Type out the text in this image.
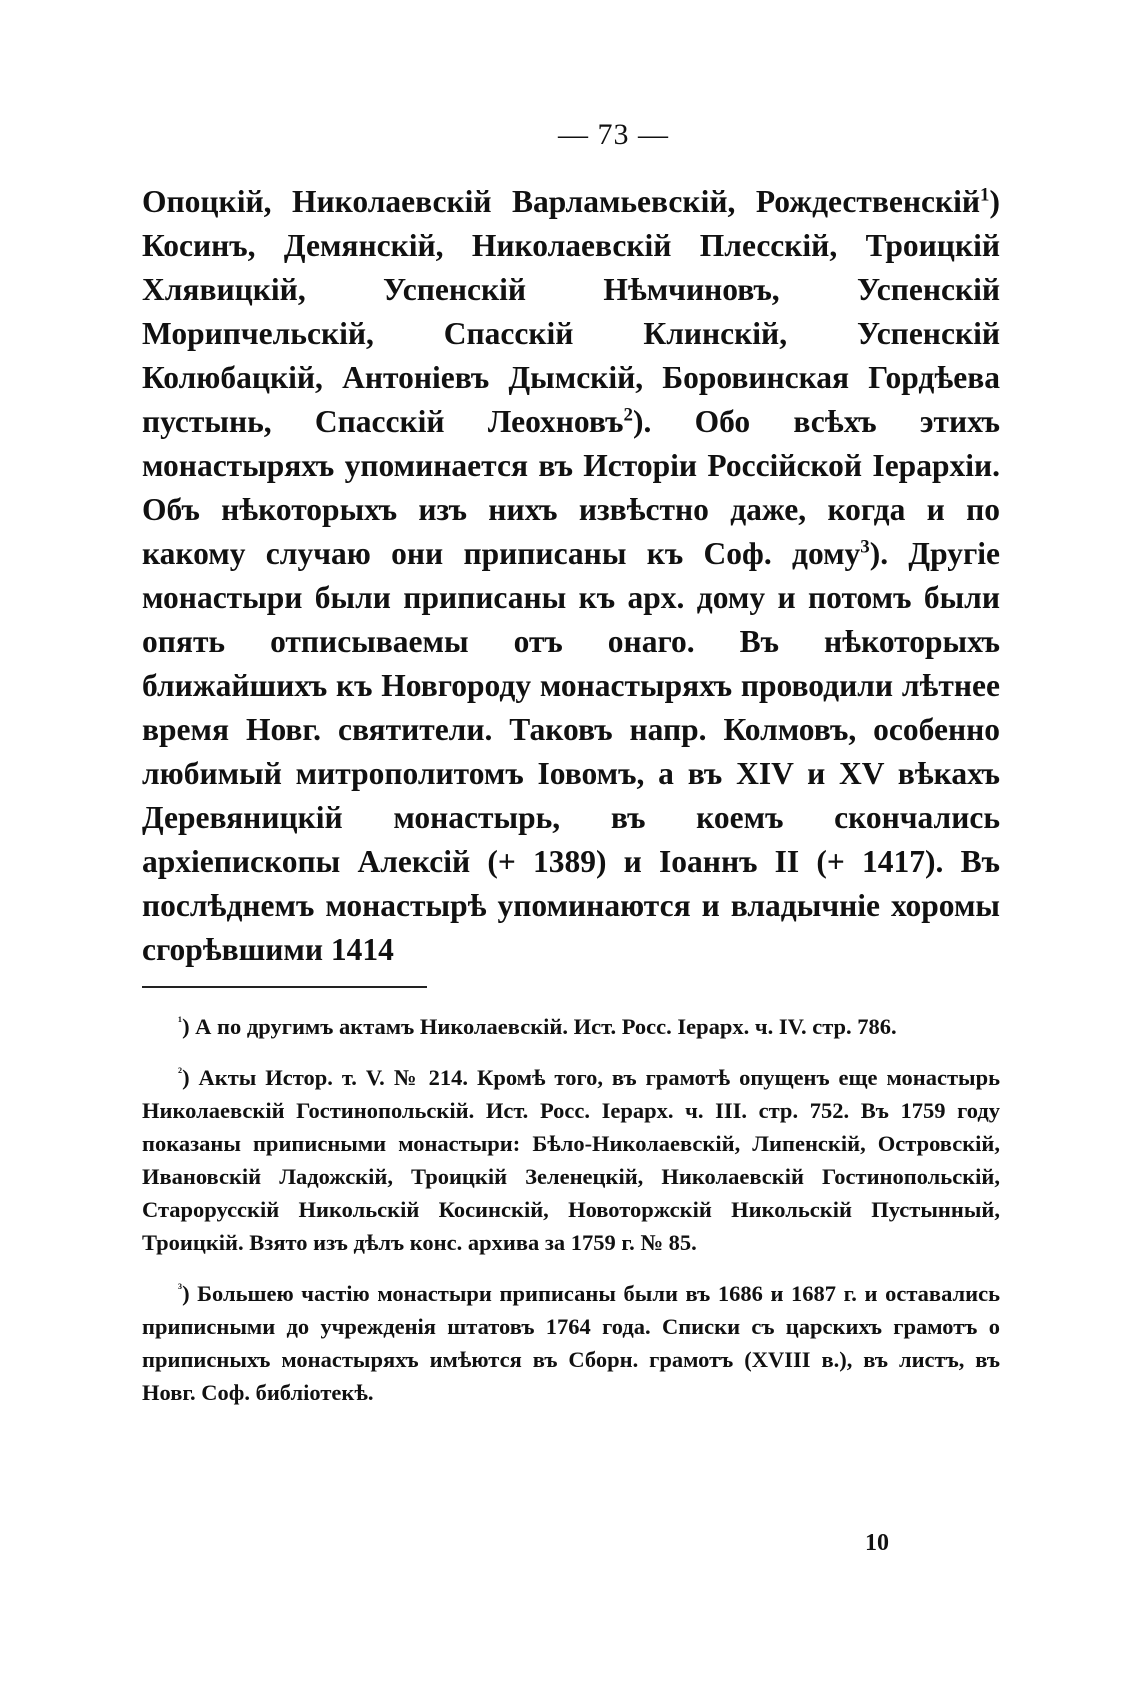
— 73 —
Опоцкій, Николаевскій Варламьевскій, Рождественскій$^1$) Косинъ, Демянскій, Николаевскій Плесскій, Троицкій Хлявицкій, Успенскій Нѣмчиновъ, Успенскій Морипчельскій, Спасскій Клинскій, Успенскій Колюбацкій, Антоніевъ Дымскій, Боровинская Гордѣева пустынь, Спасскій Леохновъ$^2$). Обо всѣхъ этихъ монастыряхъ упоминается въ Исторіи Россійской Іерархіи. Объ нѣкоторыхъ изъ нихъ извѣстно даже, когда и по какому случаю они приписаны къ Соф. дому$^3$). Другіе монастыри были приписаны къ арх. дому и потомъ были опять отписываемы отъ онаго. Въ нѣкоторыхъ ближайшихъ къ Новгороду монастыряхъ проводили лѣтнее время Новг. святители. Таковъ напр. Колмовъ, особенно любимый митрополитомъ Іовомъ, а въ XIV и XV вѣкахъ Деревяницкій монастырь, въ коемъ скончались архіепископы Алексій (+ 1389) и Іоаннъ II (+ 1417). Въ послѣднемъ монастырѣ упоминаются и владычніе хоромы сгорѣвшими 1414

$^{^1}$) А по другимъ актамъ Николаевскій. Ист. Росс. Іерарх. ч. IV. стр. 786.

$^{^2}$) Акты Истор. т. V. № 214. Кромѣ того, въ грамотѣ опущенъ еще монастырь Николаевскій Гостинопольскій. Ист. Росс. Іерарх. ч. III. стр. 752. Въ 1759 году показаны приписными монастыри: Бѣло-Николаевскій, Липенскій, Островскій, Ивановскій Ладожскій, Троицкій Зеленецкій, Николаевскій Гостинопольскій, Старорусскій Никольскій Косинскій, Новоторжскій Никольскій Пустынный, Троицкій. Взято изъ дѣлъ конс. архива за 1759 г. № 85.

$^{^3}$) Большею частію монастыри приписаны были въ 1686 и 1687 г. и оставались приписными до учрежденія штатовъ 1764 года. Списки съ царскихъ грамотъ о приписныхъ монастыряхъ имѣются въ Сборн. грамотъ (XVIII в.), въ листъ, въ Новг. Соф. библіотекѣ.

10
